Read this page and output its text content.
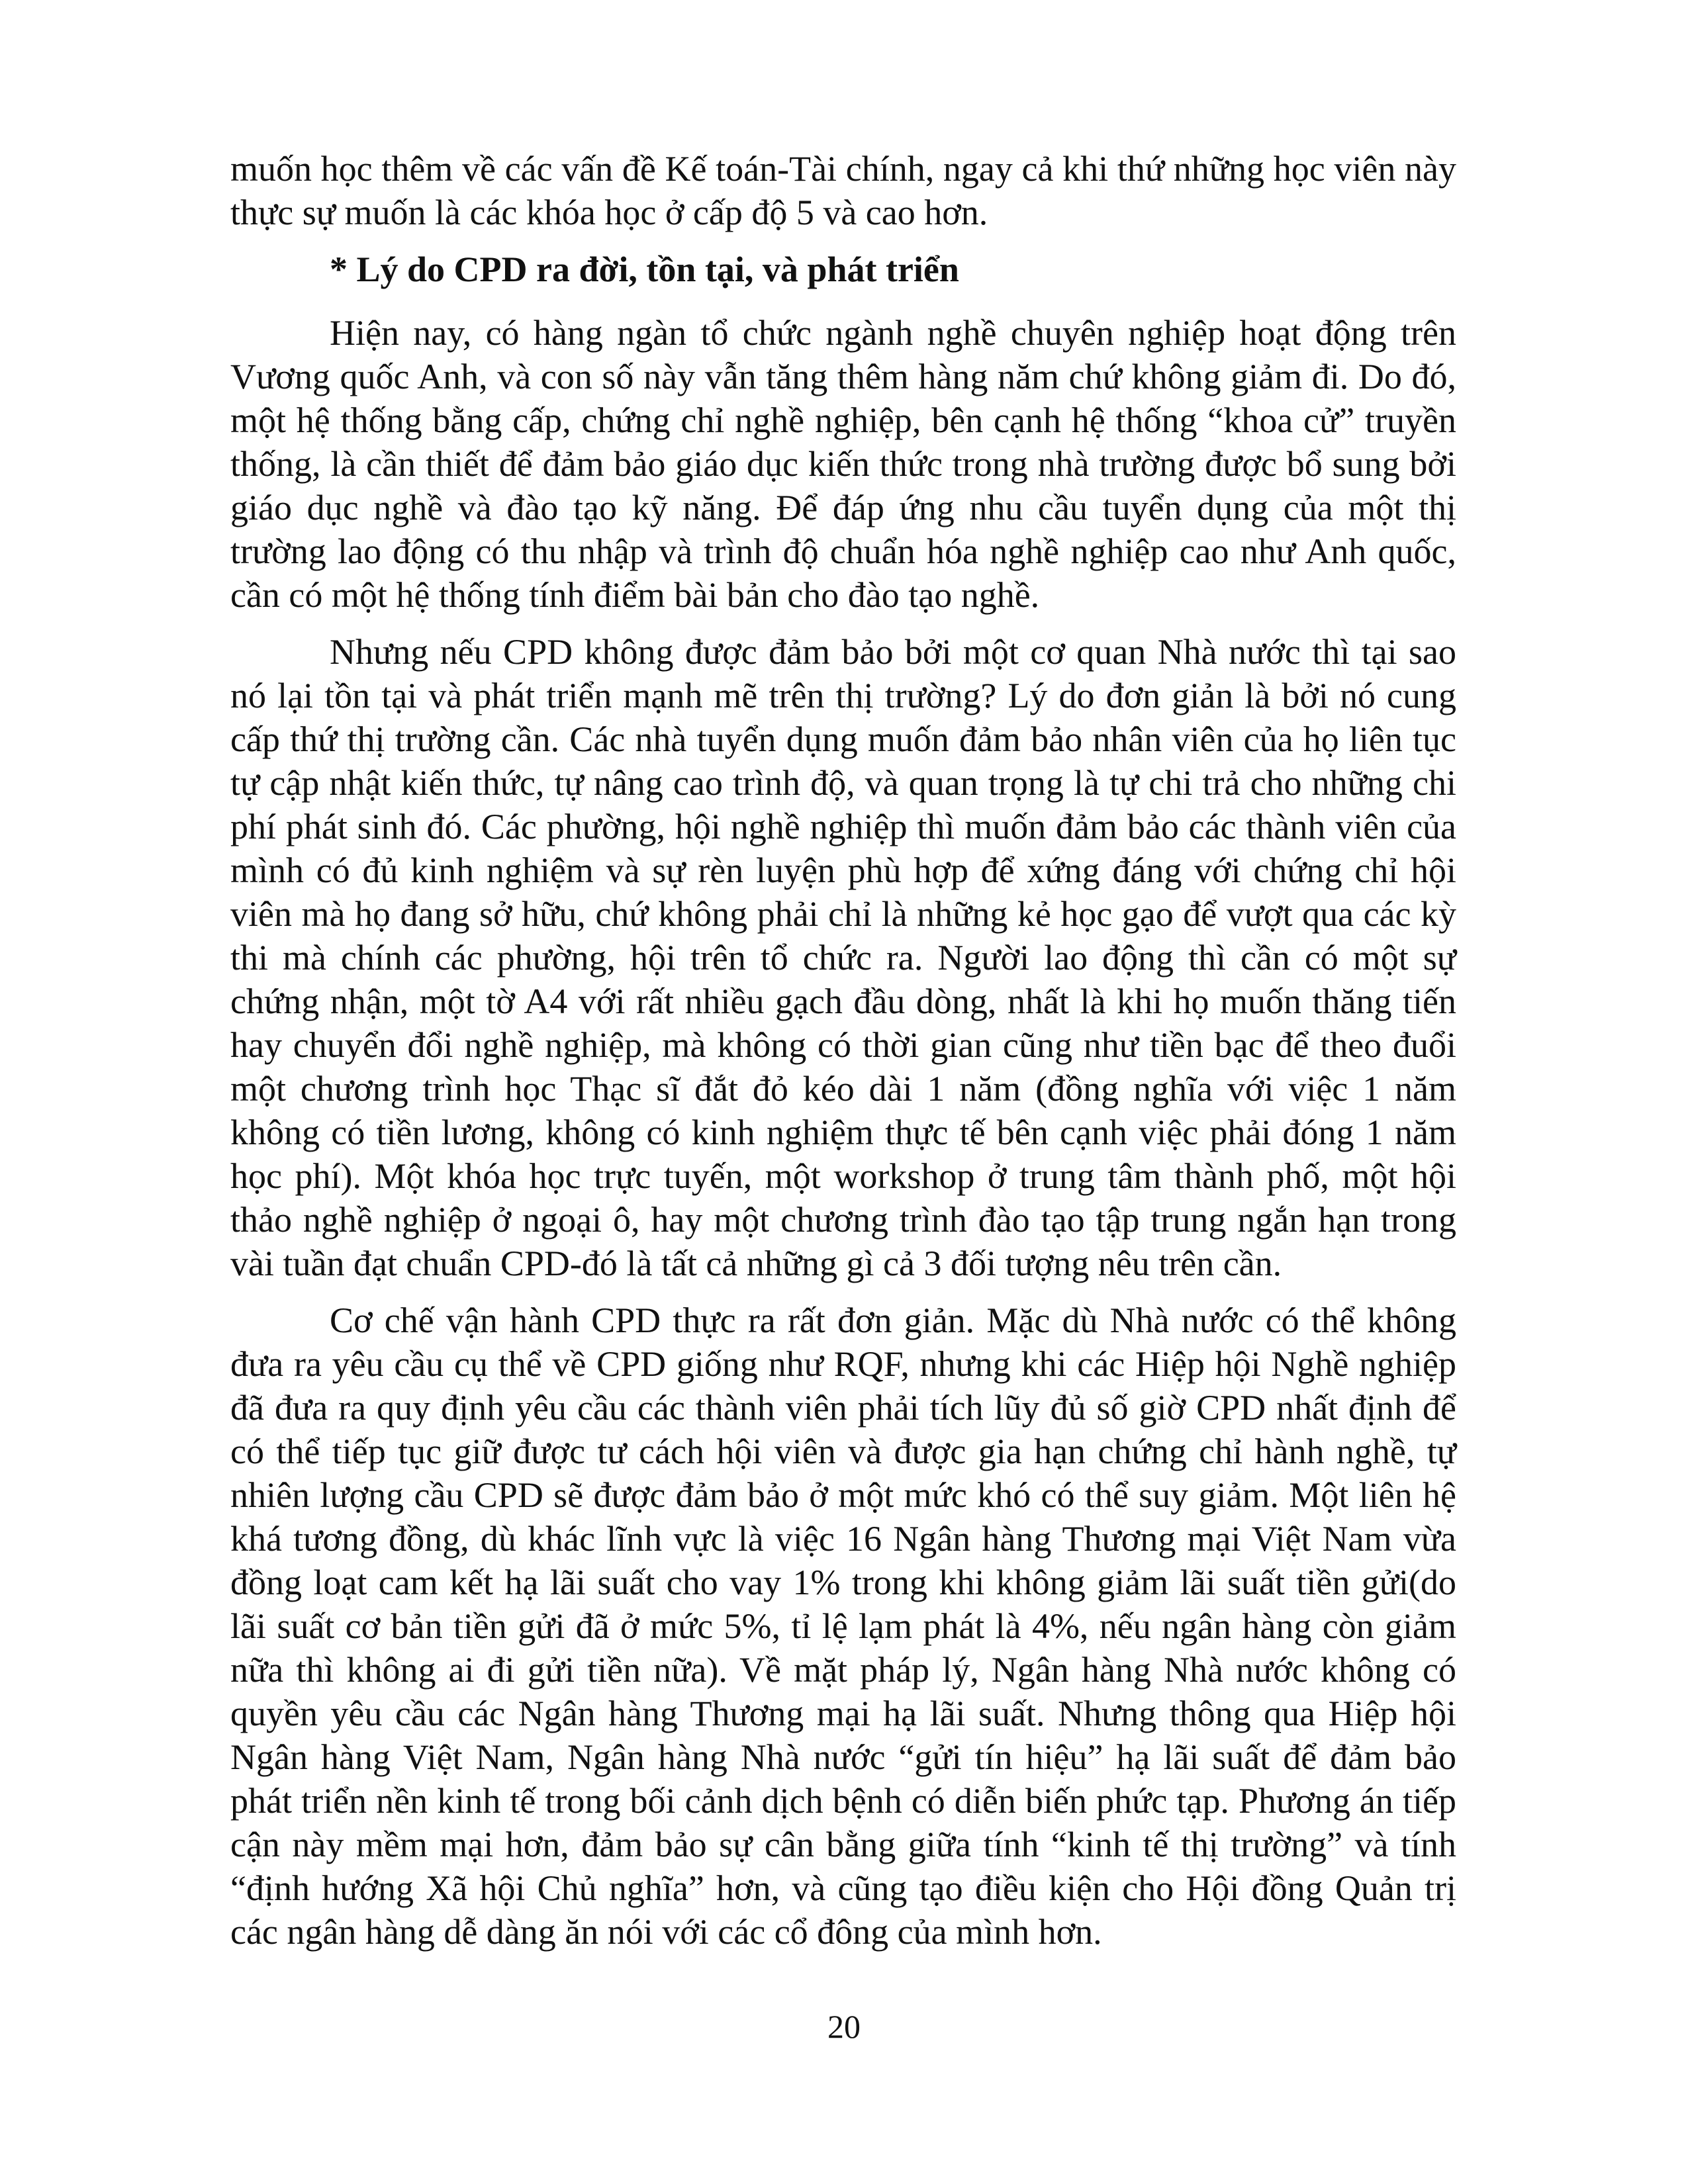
muốn học thêm về các vấn đề Kế toán-Tài chính, ngay cả khi thứ những học viên này thực sự muốn là các khóa học ở cấp độ 5 và cao hơn.

* Lý do CPD ra đời, tồn tại, và phát triển

Hiện nay, có hàng ngàn tổ chức ngành nghề chuyên nghiệp hoạt động trên Vương quốc Anh, và con số này vẫn tăng thêm hàng năm chứ không giảm đi. Do đó, một hệ thống bằng cấp, chứng chỉ nghề nghiệp, bên cạnh hệ thống “khoa cử” truyền thống, là cần thiết để đảm bảo giáo dục kiến thức trong nhà trường được bổ sung bởi giáo dục nghề và đào tạo kỹ năng. Để đáp ứng nhu cầu tuyển dụng của một thị trường lao động có thu nhập và trình độ chuẩn hóa nghề nghiệp cao như Anh quốc, cần có một hệ thống tính điểm bài bản cho đào tạo nghề.

Nhưng nếu CPD không được đảm bảo bởi một cơ quan Nhà nước thì tại sao nó lại tồn tại và phát triển mạnh mẽ trên thị trường? Lý do đơn giản là bởi nó cung cấp thứ thị trường cần. Các nhà tuyển dụng muốn đảm bảo nhân viên của họ liên tục tự cập nhật kiến thức, tự nâng cao trình độ, và quan trọng là tự chi trả cho những chi phí phát sinh đó. Các phường, hội nghề nghiệp thì muốn đảm bảo các thành viên của mình có đủ kinh nghiệm và sự rèn luyện phù hợp để xứng đáng với chứng chỉ hội viên mà họ đang sở hữu, chứ không phải chỉ là những kẻ học gạo để vượt qua các kỳ thi mà chính các phường, hội trên tổ chức ra. Người lao động thì cần có một sự chứng nhận, một tờ A4 với rất nhiều gạch đầu dòng, nhất là khi họ muốn thăng tiến hay chuyển đổi nghề nghiệp, mà không có thời gian cũng như tiền bạc để theo đuổi một chương trình học Thạc sĩ đắt đỏ kéo dài 1 năm (đồng nghĩa với việc 1 năm không có tiền lương, không có kinh nghiệm thực tế bên cạnh việc phải đóng 1 năm học phí). Một khóa học trực tuyến, một workshop ở trung tâm thành phố, một hội thảo nghề nghiệp ở ngoại ô, hay một chương trình đào tạo tập trung ngắn hạn trong vài tuần đạt chuẩn CPD-đó là tất cả những gì cả 3 đối tượng nêu trên cần.

Cơ chế vận hành CPD thực ra rất đơn giản. Mặc dù Nhà nước có thể không đưa ra yêu cầu cụ thể về CPD giống như RQF, nhưng khi các Hiệp hội Nghề nghiệp đã đưa ra quy định yêu cầu các thành viên phải tích lũy đủ số giờ CPD nhất định để có thể tiếp tục giữ được tư cách hội viên và được gia hạn chứng chỉ hành nghề, tự nhiên lượng cầu CPD sẽ được đảm bảo ở một mức khó có thể suy giảm. Một liên hệ khá tương đồng, dù khác lĩnh vực là việc 16 Ngân hàng Thương mại Việt Nam vừa đồng loạt cam kết hạ lãi suất cho vay 1% trong khi không giảm lãi suất tiền gửi(do lãi suất cơ bản tiền gửi đã ở mức 5%, tỉ lệ lạm phát là 4%, nếu ngân hàng còn giảm nữa thì không ai đi gửi tiền nữa). Về mặt pháp lý, Ngân hàng Nhà nước không có quyền yêu cầu các Ngân hàng Thương mại hạ lãi suất. Nhưng thông qua Hiệp hội Ngân hàng Việt Nam, Ngân hàng Nhà nước “gửi tín hiệu” hạ lãi suất để đảm bảo phát triển nền kinh tế trong bối cảnh dịch bệnh có diễn biến phức tạp. Phương án tiếp cận này mềm mại hơn, đảm bảo sự cân bằng giữa tính “kinh tế thị trường” và tính “định hướng Xã hội Chủ nghĩa” hơn, và cũng tạo điều kiện cho Hội đồng Quản trị các ngân hàng dễ dàng ăn nói với các cổ đông của mình hơn.

20
